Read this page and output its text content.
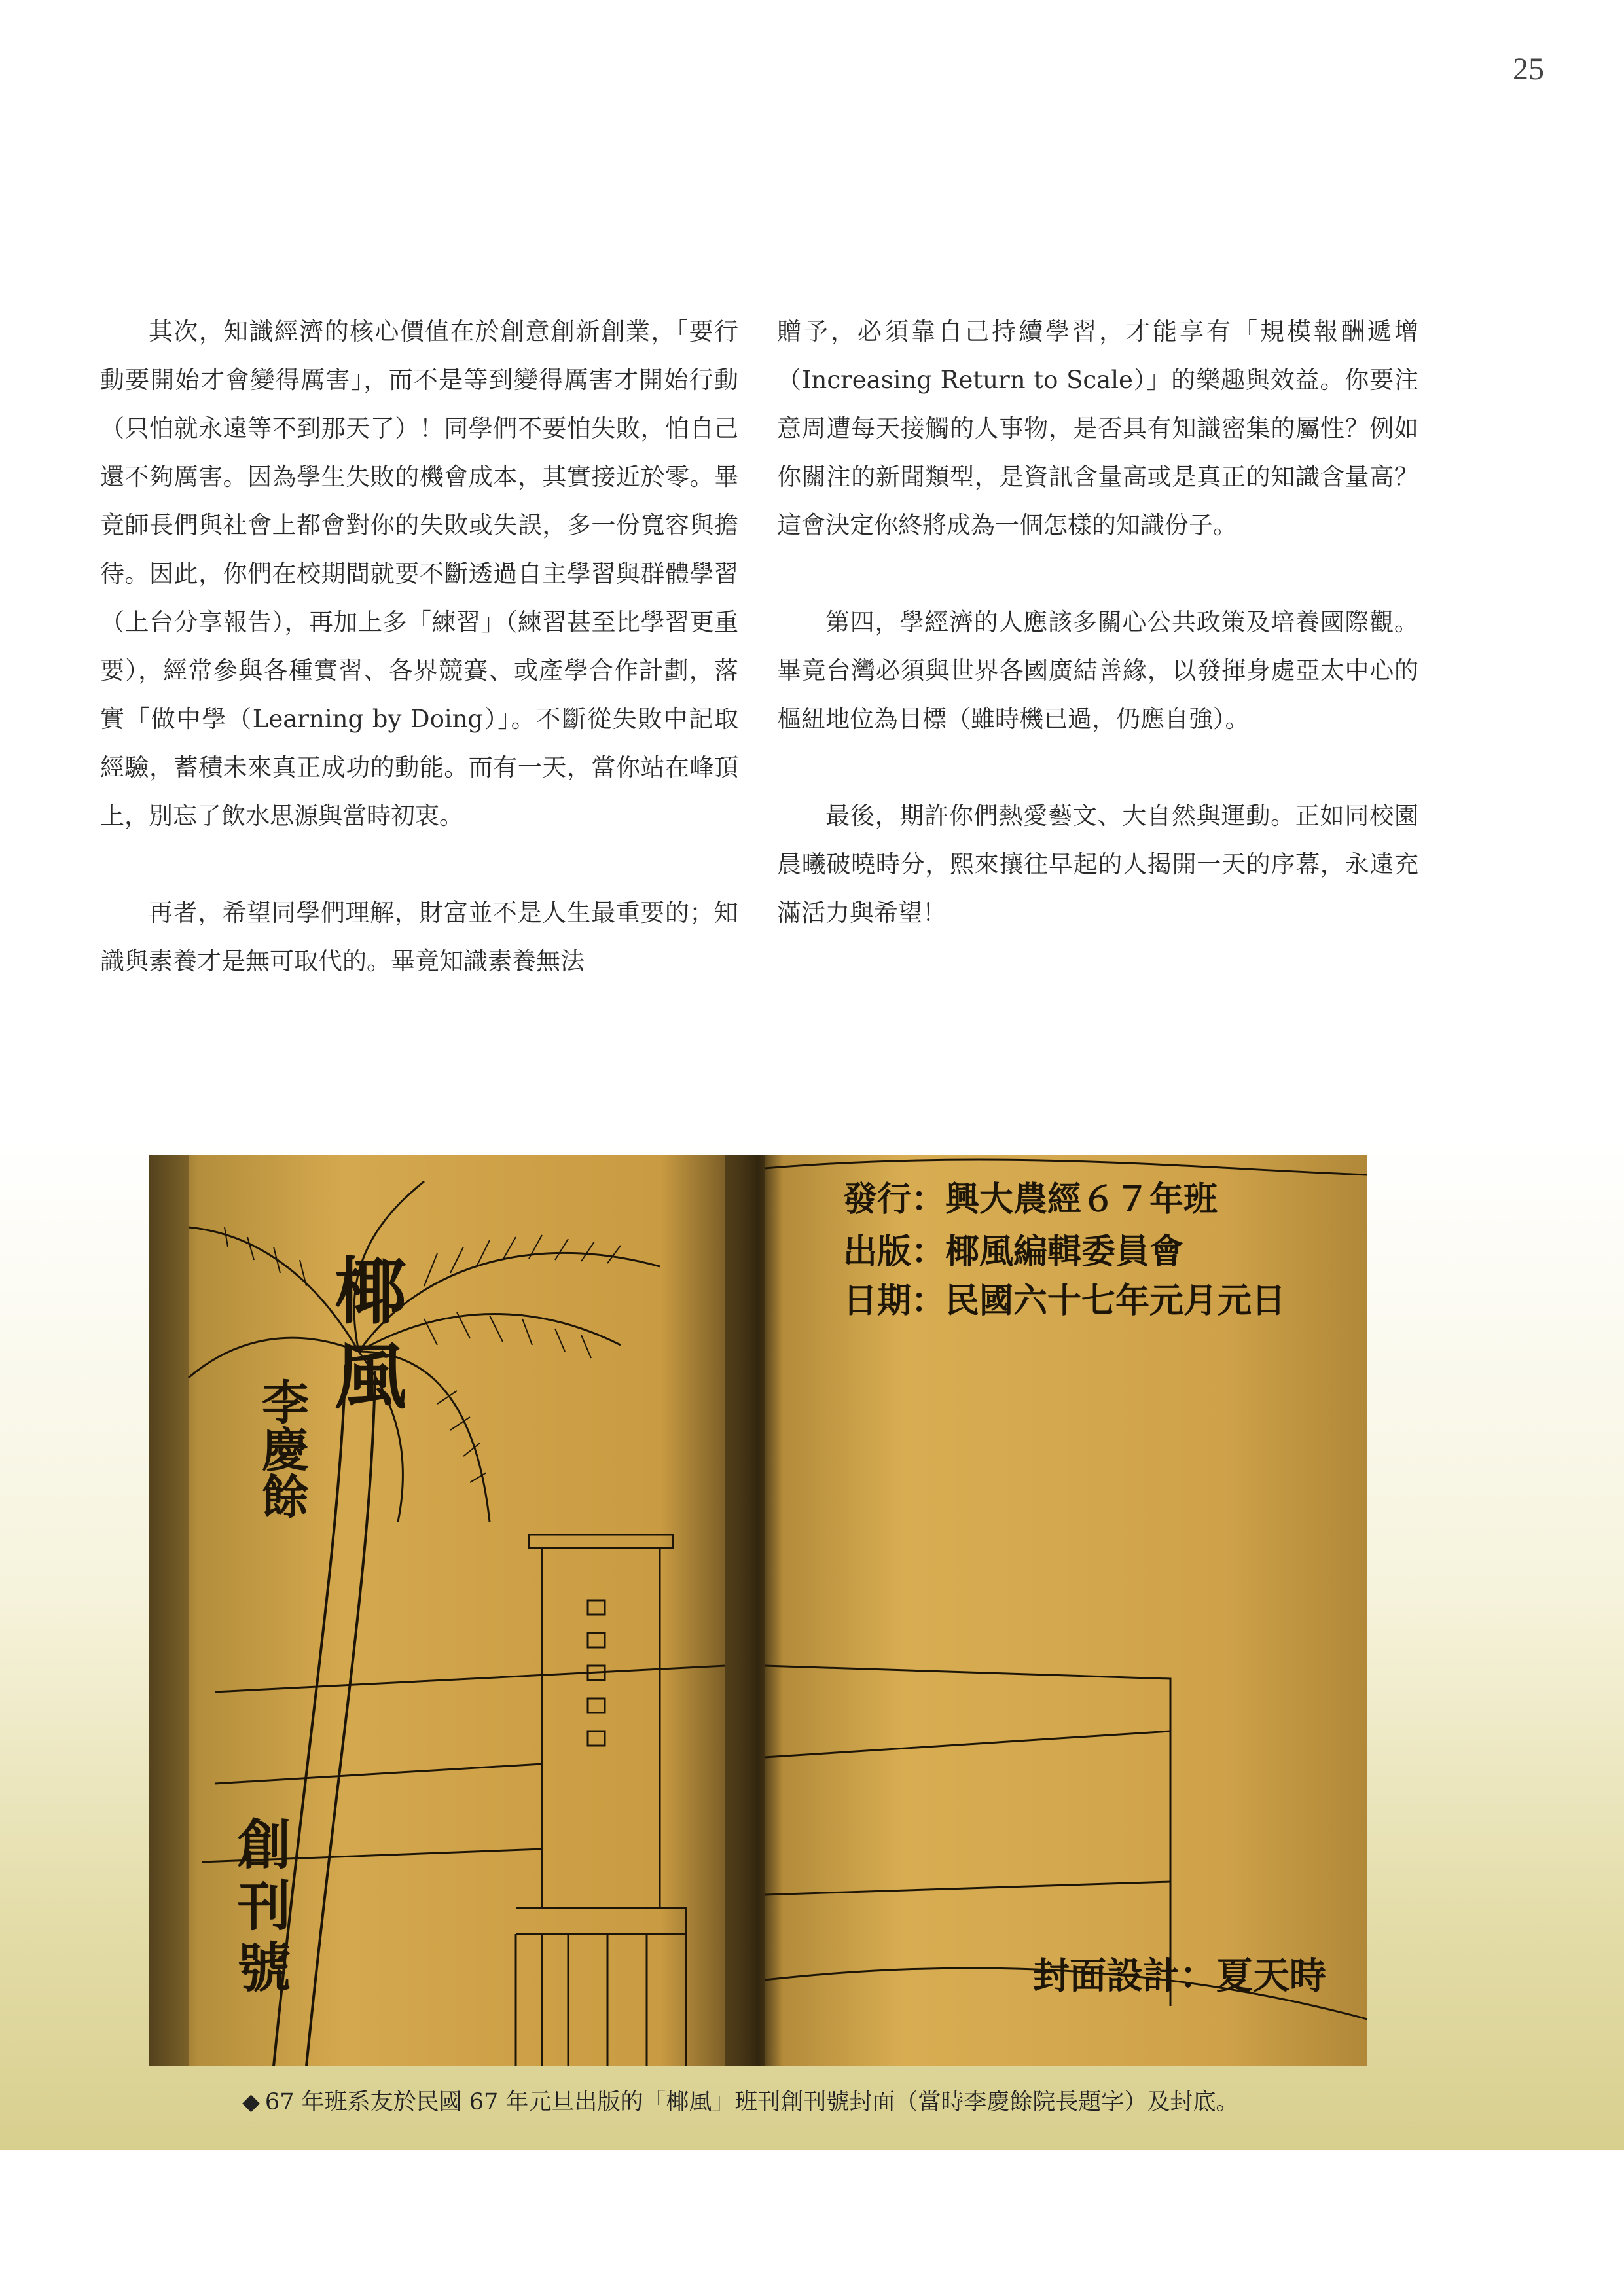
25

其次，知識經濟的核心價值在於創意創新創業，「要行動要開始才會變得厲害」，而不是等到變得厲害才開始行動（只怕就永遠等不到那天了）！同學們不要怕失敗，怕自己還不夠厲害。因為學生失敗的機會成本，其實接近於零。畢竟師長們與社會上都會對你的失敗或失誤，多一份寬容與擔待。因此，你們在校期間就要不斷透過自主學習與群體學習（上台分享報告），再加上多「練習」（練習甚至比學習更重要），經常參與各種實習、各界競賽、或產學合作計劃，落實「做中學（Learning by Doing）」。不斷從失敗中記取經驗，蓄積未來真正成功的動能。而有一天，當你站在峰頂上，別忘了飲水思源與當時初衷。

再者，希望同學們理解，財富並不是人生最重要的；知識與素養才是無可取代的。畢竟知識素養無法

贈予，必須靠自己持續學習，才能享有「規模報酬遞增（Increasing Return to Scale）」的樂趣與效益。你要注意周遭每天接觸的人事物，是否具有知識密集的屬性？例如你關注的新聞類型，是資訊含量高或是真正的知識含量高？這會決定你終將成為一個怎樣的知識份子。

第四，學經濟的人應該多關心公共政策及培養國際觀。畢竟台灣必須與世界各國廣結善緣，以發揮身處亞太中心的樞紐地位為目標（雖時機已過，仍應自強）。

最後，期許你們熱愛藝文、大自然與運動。正如同校園晨曦破曉時分，熙來攘往早起的人揭開一天的序幕，永遠充滿活力與希望！

椰風
李慶餘
創刊號
發行：興大農經６７年班
出版：椰風編輯委員會
日期：民國六十七年元月元日
封面設計：夏天時
◆ 67 年班系友於民國 67 年元旦出版的「椰風」班刊創刊號封面（當時李慶餘院長題字）及封底。
